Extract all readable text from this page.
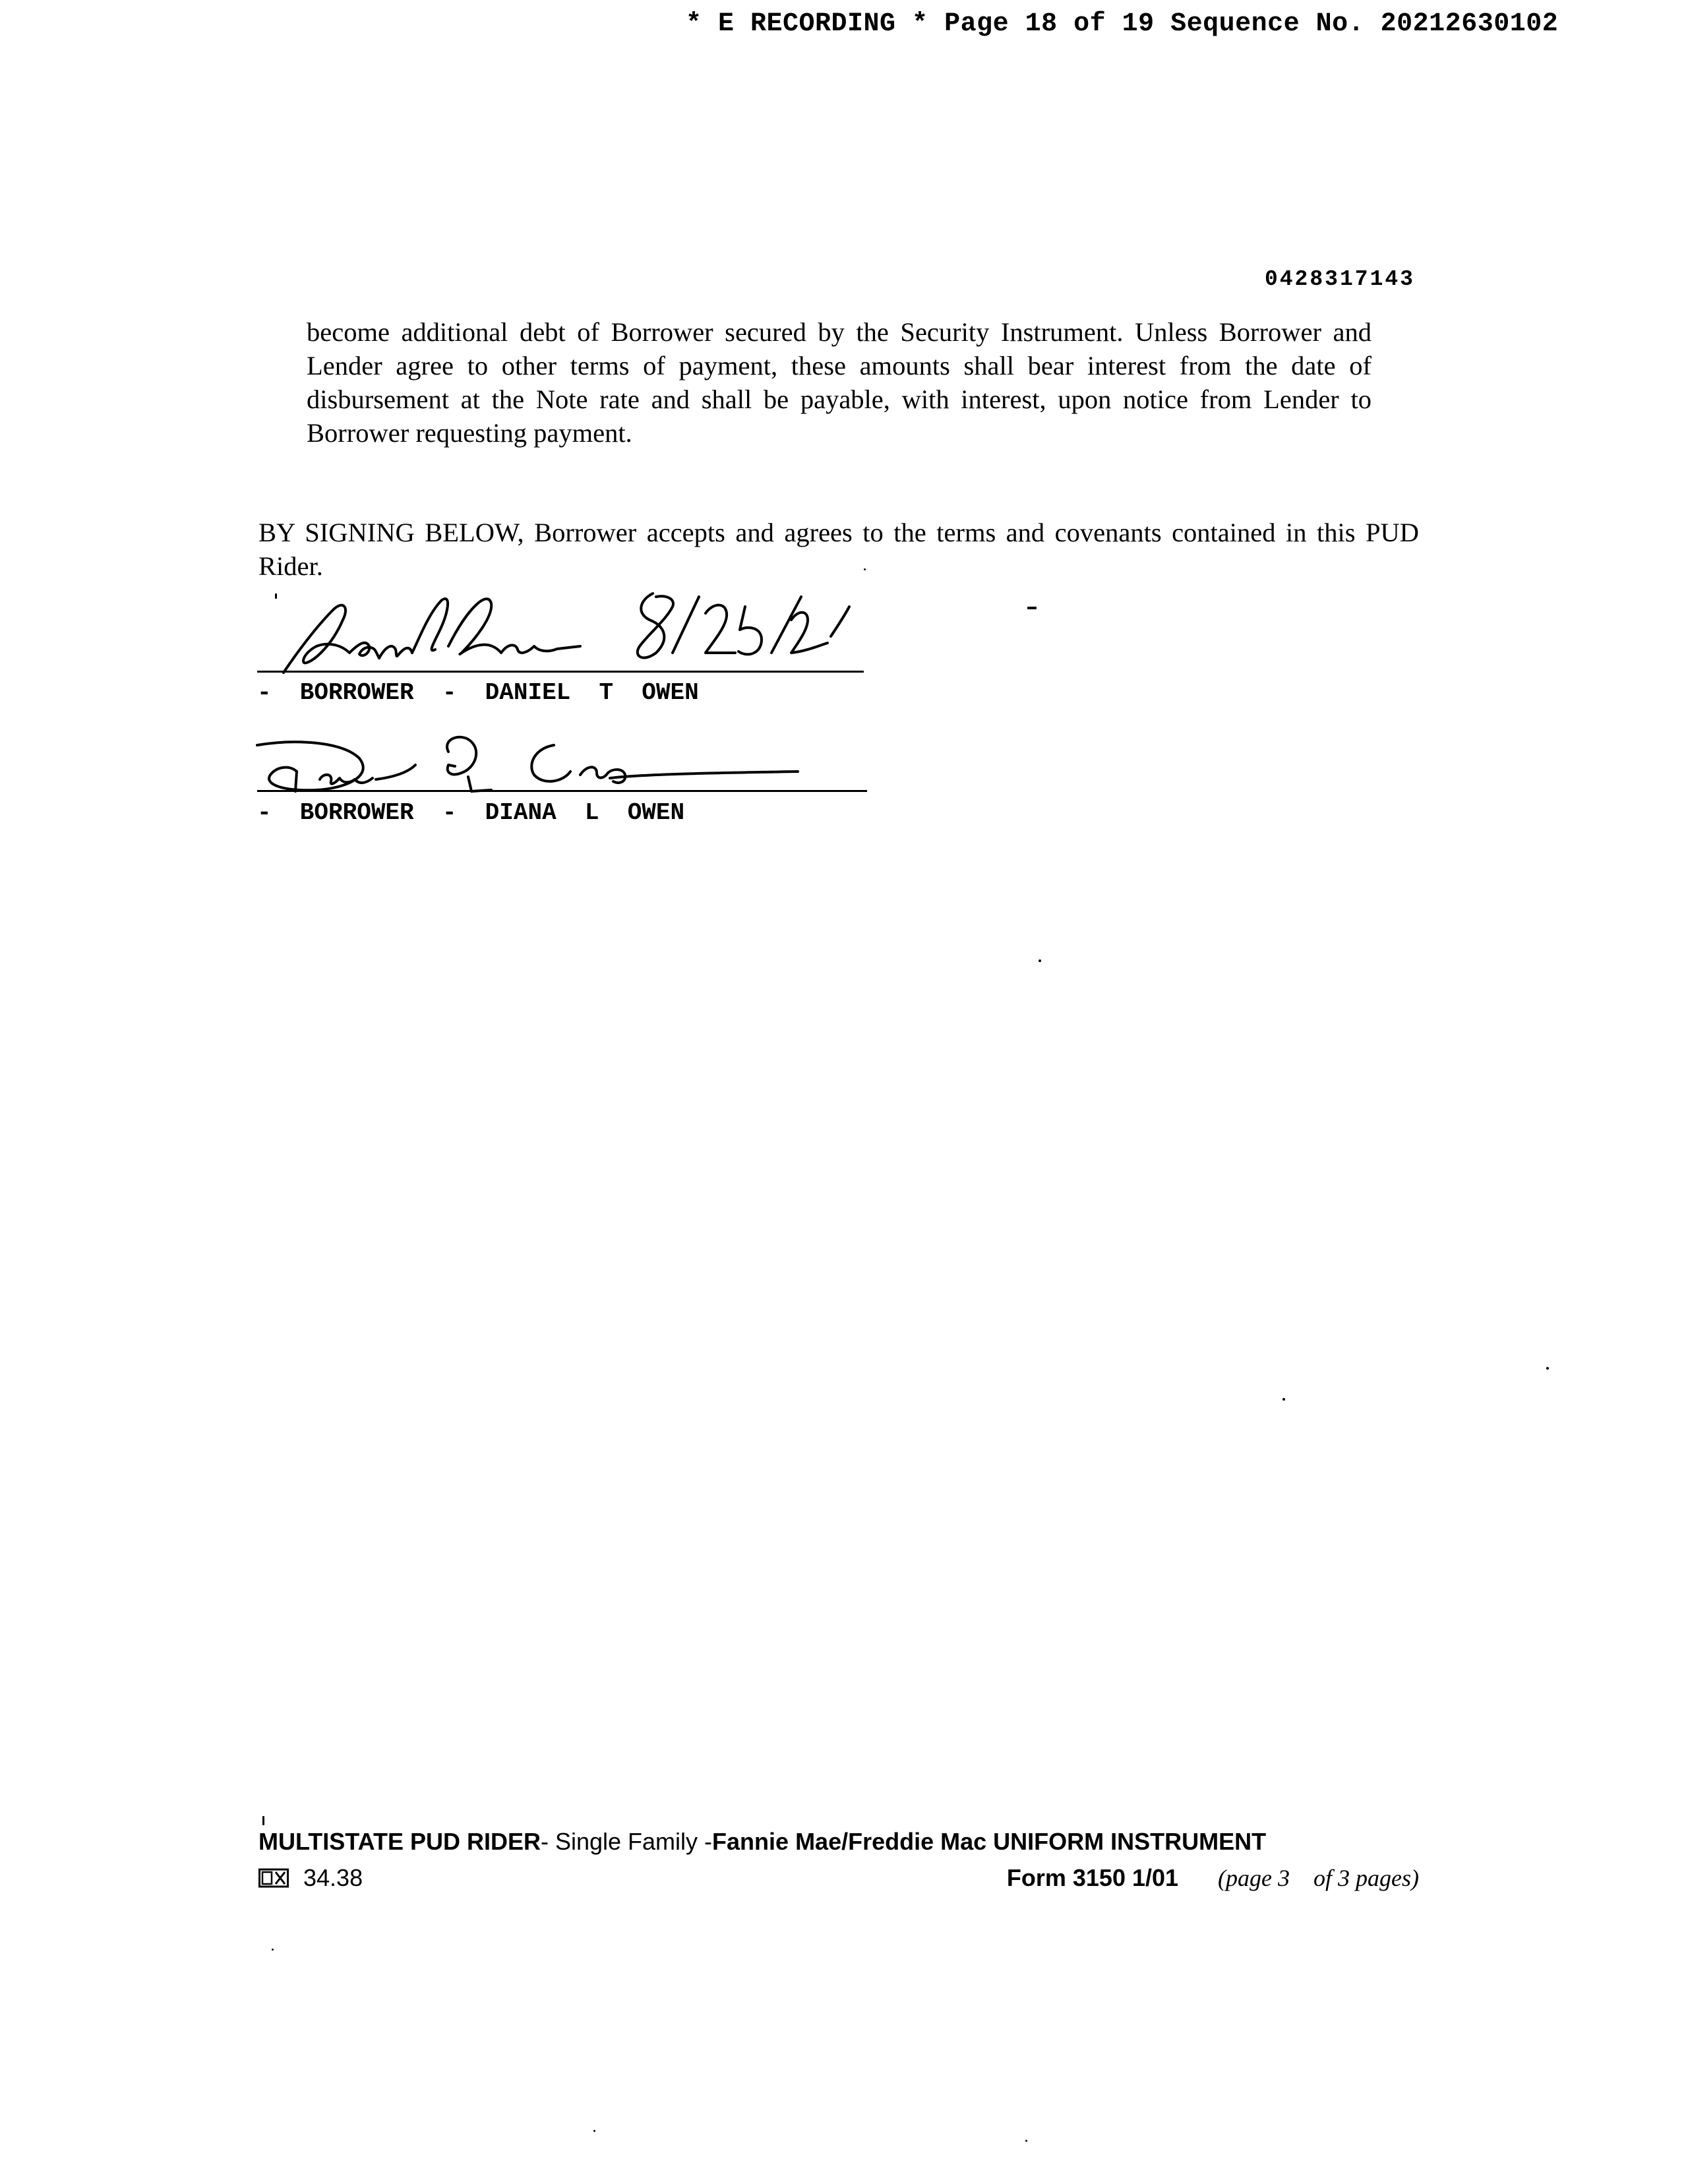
* E RECORDING * Page 18 of 19 Sequence No. 20212630102
0428317143
become additional debt of Borrower secured by the Security Instrument. Unless Borrower and Lender agree to other terms of payment, these amounts shall bear interest from the date of disbursement at the Note rate and shall be payable, with interest, upon notice from Lender to Borrower requesting payment.
BY SIGNING BELOW, Borrower accepts and agrees to the terms and covenants contained in this PUD Rider.
-  BORROWER  -  DANIEL  T  OWEN
-  BORROWER  -  DIANA  L  OWEN
MULTISTATE PUD RIDER- Single Family -Fannie Mae/Freddie Mac UNIFORM INSTRUMENT
34.38	Form 3150 1/01 (page 3    of 3 pages)
